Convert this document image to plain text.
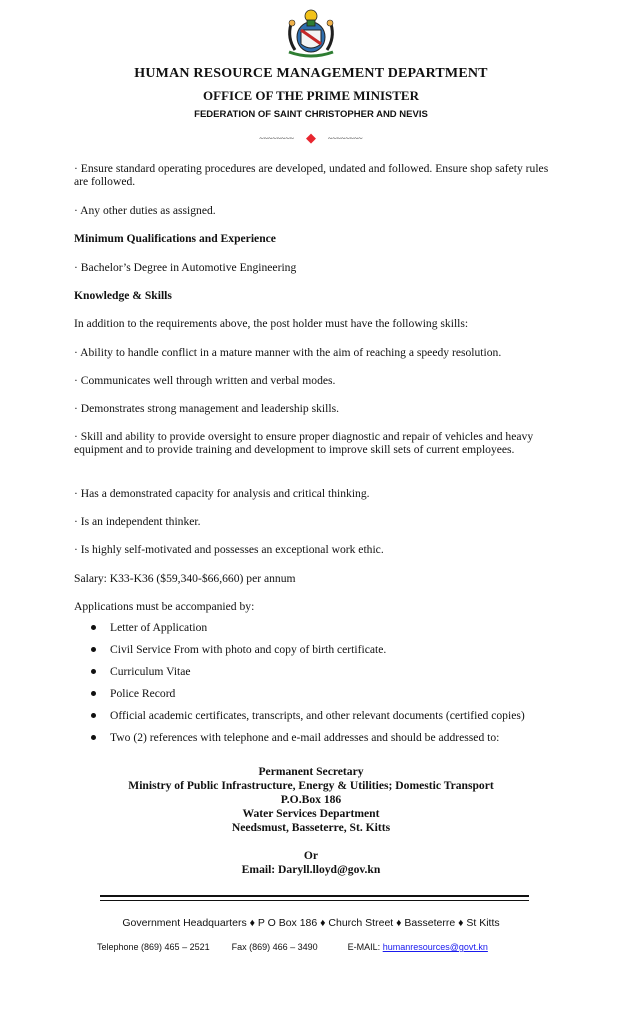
HUMAN RESOURCE MANAGEMENT DEPARTMENT
OFFICE OF THE PRIME MINISTER
FEDERATION OF SAINT CHRISTOPHER AND NEVIS
~~~~~~~~ ◆ ~~~~~~~~

· Ensure standard operating procedures are developed, undated and followed. Ensure shop safety rules are followed.

· Any other duties as assigned.

Minimum Qualifications and Experience

· Bachelor’s Degree in Automotive Engineering

Knowledge & Skills

In addition to the requirements above, the post holder must have the following skills:

· Ability to handle conflict in a mature manner with the aim of reaching a speedy resolution.

· Communicates well through written and verbal modes.

· Demonstrates strong management and leadership skills.

· Skill and ability to provide oversight to ensure proper diagnostic and repair of vehicles and heavy equipment and to provide training and development to improve skill sets of current employees.

· Has a demonstrated capacity for analysis and critical thinking.

· Is an independent thinker.

· Is highly self-motivated and possesses an exceptional work ethic.

Salary: K33-K36 ($59,340-$66,660) per annum

Applications must be accompanied by:

Letter of Application
Civil Service From with photo and copy of birth certificate.
Curriculum Vitae
Police Record
Official academic certificates, transcripts, and other relevant documents (certified copies)
Two (2) references with telephone and e-mail addresses and should be addressed to:
Permanent Secretary
Ministry of Public Infrastructure, Energy & Utilities; Domestic Transport
P.O.Box 186
Water Services Department
Needsmust, Basseterre, St. Kitts
Or
Email: Daryll.lloyd@gov.kn
Government Headquarters ♦ P O Box 186 ♦ Church Street ♦ Basseterre ♦ St Kitts
Telephone (869) 465 – 2521 Fax (869) 466 – 3490	E-MAIL: humanresources@govt.kn
